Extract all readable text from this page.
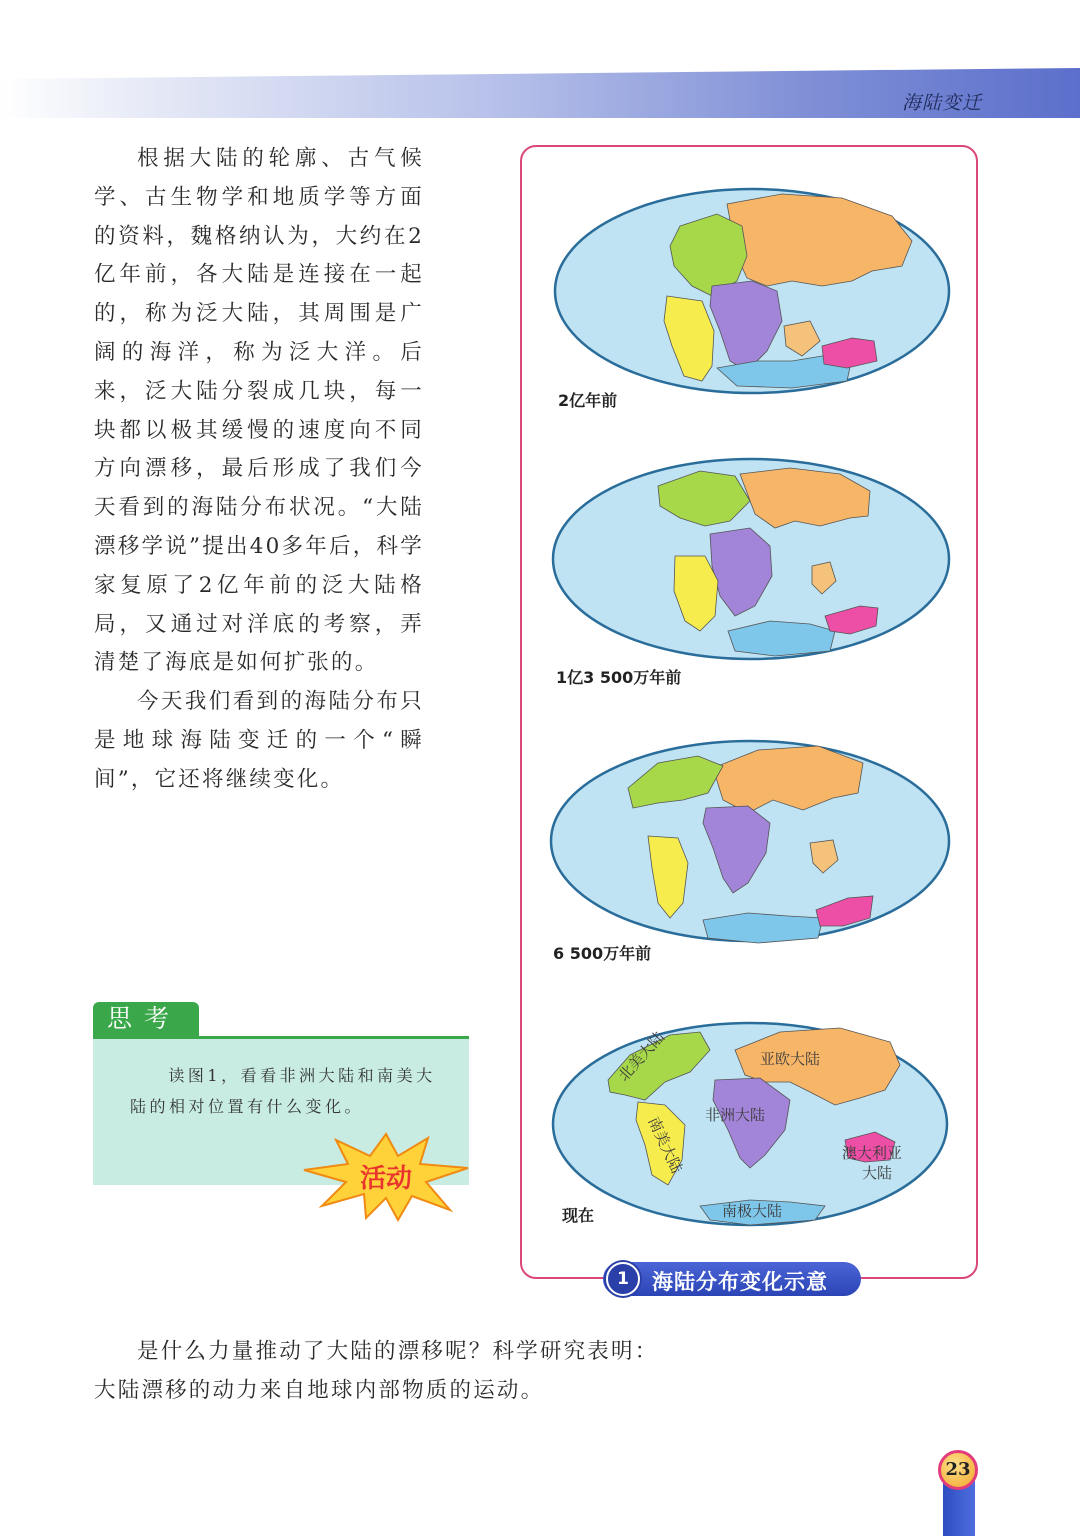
海陆变迁

根据大陆的轮廓、古气候学、古生物学和地质学等方面的资料，魏格纳认为，大约在2亿年前，各大陆是连接在一起的，称为泛大陆，其周围是广阔的海洋，称为泛大洋。后来，泛大陆分裂成几块，每一块都以极其缓慢的速度向不同方向漂移，最后形成了我们今天看到的海陆分布状况。“大陆漂移学说”提出40多年后，科学家复原了2亿年前的泛大陆格局，又通过对洋底的考察，弄清楚了海底是如何扩张的。

今天我们看到的海陆分布只是地球海陆变迁的一个“瞬间”，它还将继续变化。

2亿年前
1亿3 500万年前
6 500万年前
北美大陆
南美大陆
亚欧大陆
非洲大陆
澳大利亚
大陆
南极大陆
现在
1	海陆分布变化示意
思考
读图1，看看非洲大陆和南美大陆的相对位置有什么变化。
活动

是什么力量推动了大陆的漂移呢？科学研究表明：大陆漂移的动力来自地球内部物质的运动。

23
